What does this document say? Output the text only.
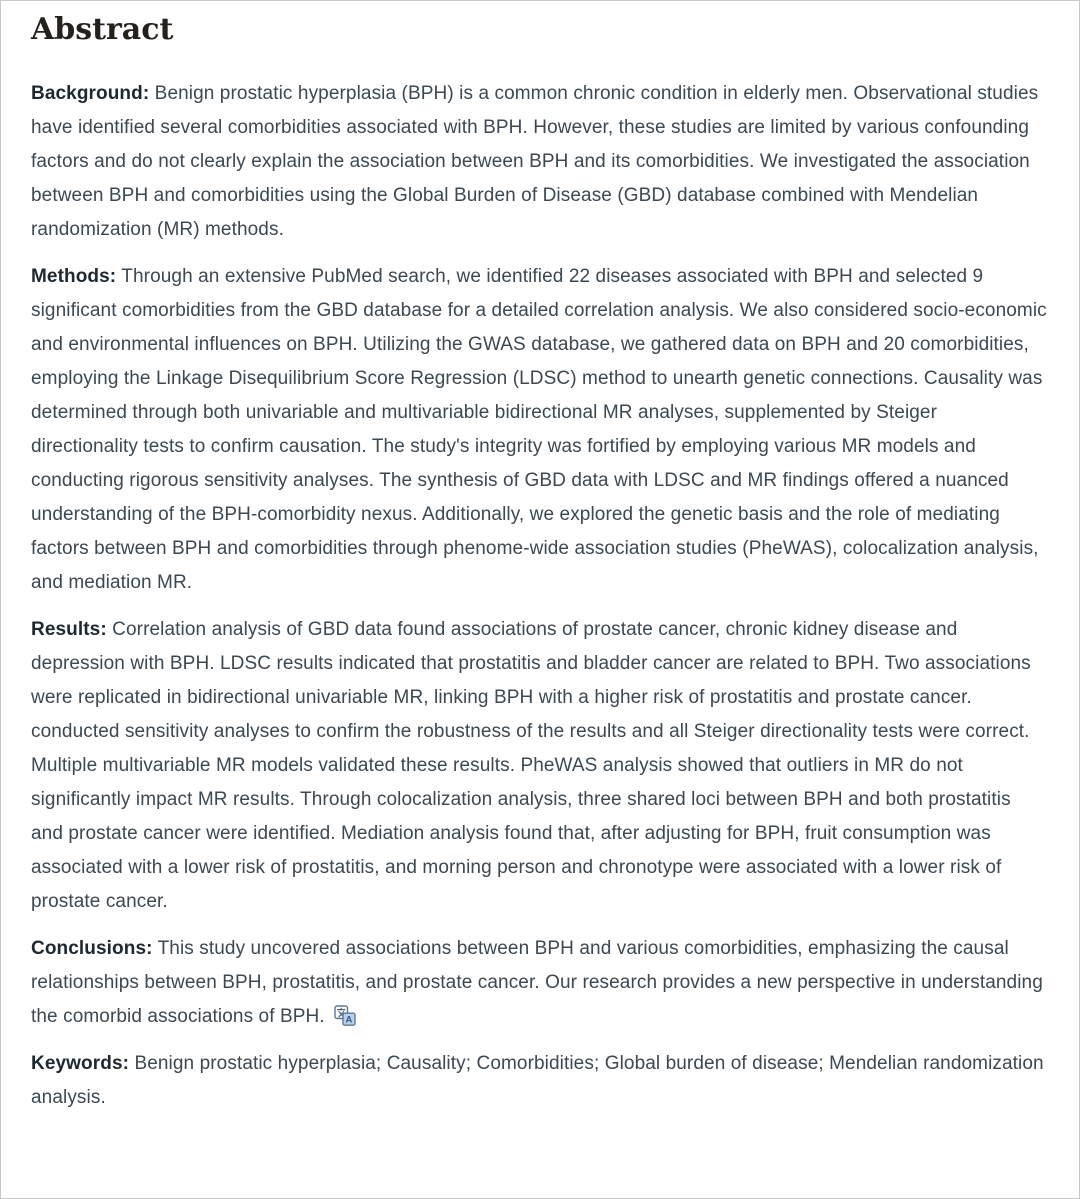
Abstract

Background: Benign prostatic hyperplasia (BPH) is a common chronic condition in elderly men. Observational studies have identified several comorbidities associated with BPH. However, these studies are limited by various confounding factors and do not clearly explain the association between BPH and its comorbidities. We investigated the association between BPH and comorbidities using the Global Burden of Disease (GBD) database combined with Mendelian randomization (MR) methods.

Methods: Through an extensive PubMed search, we identified 22 diseases associated with BPH and selected 9 significant comorbidities from the GBD database for a detailed correlation analysis. We also considered socio-economic and environmental influences on BPH. Utilizing the GWAS database, we gathered data on BPH and 20 comorbidities, employing the Linkage Disequilibrium Score Regression (LDSC) method to unearth genetic connections. Causality was determined through both univariable and multivariable bidirectional MR analyses, supplemented by Steiger directionality tests to confirm causation. The study's integrity was fortified by employing various MR models and conducting rigorous sensitivity analyses. The synthesis of GBD data with LDSC and MR findings offered a nuanced understanding of the BPH-comorbidity nexus. Additionally, we explored the genetic basis and the role of mediating factors between BPH and comorbidities through phenome-wide association studies (PheWAS), colocalization analysis, and mediation MR.

Results: Correlation analysis of GBD data found associations of prostate cancer, chronic kidney disease and depression with BPH. LDSC results indicated that prostatitis and bladder cancer are related to BPH. Two associations were replicated in bidirectional univariable MR, linking BPH with a higher risk of prostatitis and prostate cancer. conducted sensitivity analyses to confirm the robustness of the results and all Steiger directionality tests were correct. Multiple multivariable MR models validated these results. PheWAS analysis showed that outliers in MR do not significantly impact MR results. Through colocalization analysis, three shared loci between BPH and both prostatitis and prostate cancer were identified. Mediation analysis found that, after adjusting for BPH, fruit consumption was associated with a lower risk of prostatitis, and morning person and chronotype were associated with a lower risk of prostate cancer.

Conclusions: This study uncovered associations between BPH and various comorbidities, emphasizing the causal relationships between BPH, prostatitis, and prostate cancer. Our research provides a new perspective in understanding the comorbid associations of BPH. A

Keywords: Benign prostatic hyperplasia; Causality; Comorbidities; Global burden of disease; Mendelian randomization analysis.
